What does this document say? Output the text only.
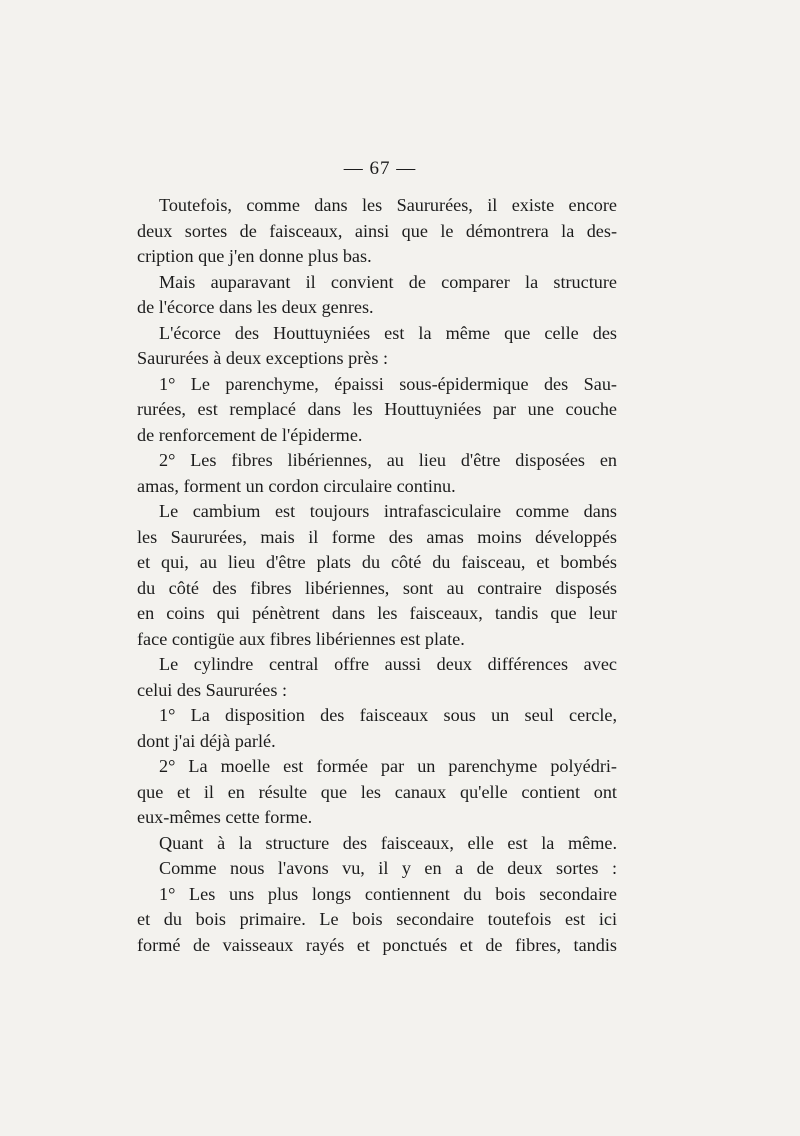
— 67 —
Toutefois, comme dans les Saururées, il existe encore
deux sortes de faisceaux, ainsi que le démontrera la des-
cription que j'en donne plus bas.
Mais auparavant il convient de comparer la structure
de l'écorce dans les deux genres.
L'écorce des Houttuyniées est la même que celle des
Saururées à deux exceptions près :
1° Le parenchyme, épaissi sous-épidermique des Sau-
rurées, est remplacé dans les Houttuyniées par une couche
de renforcement de l'épiderme.
2° Les fibres libériennes, au lieu d'être disposées en
amas, forment un cordon circulaire continu.
Le cambium est toujours intrafasciculaire comme dans
les Saururées, mais il forme des amas moins développés
et qui, au lieu d'être plats du côté du faisceau, et bombés
du côté des fibres libériennes, sont au contraire disposés
en coins qui pénètrent dans les faisceaux, tandis que leur
face contigüe aux fibres libériennes est plate.
Le cylindre central offre aussi deux différences avec
celui des Saururées :
1° La disposition des faisceaux sous un seul cercle,
dont j'ai déjà parlé.
2° La moelle est formée par un parenchyme polyédri-
que et il en résulte que les canaux qu'elle contient ont
eux-mêmes cette forme.
Quant à la structure des faisceaux, elle est la même.
Comme nous l'avons vu, il y en a de deux sortes :
1° Les uns plus longs contiennent du bois secondaire
et du bois primaire. Le bois secondaire toutefois est ici
formé de vaisseaux rayés et ponctués et de fibres, tandis
